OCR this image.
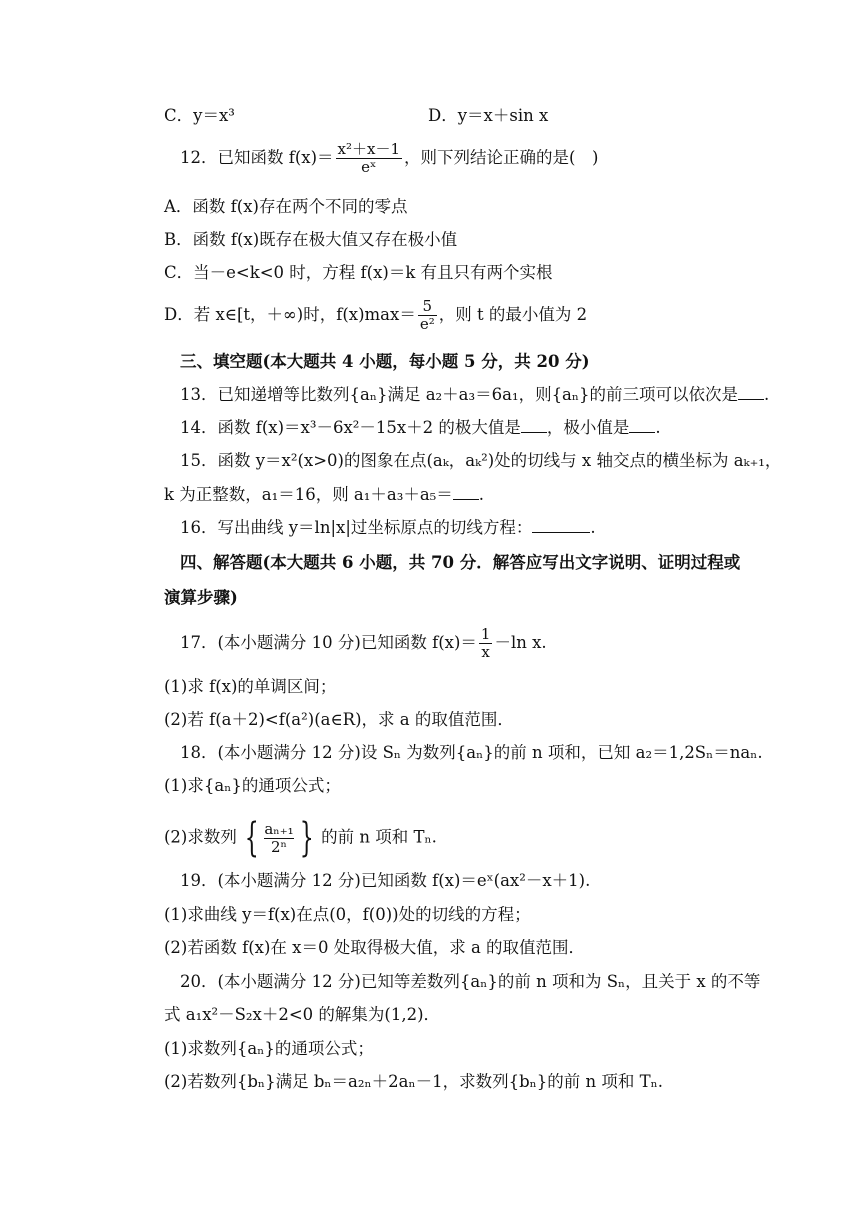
C．y＝x³	D．y＝x＋sin x
12．已知函数 $f(x)= \frac{\text{x²＋x－1}}{\text{eˣ}}$ ，则下列结论正确的是(　)
A．函数 f(x)存在两个不同的零点
B．函数 f(x)既存在极大值又存在极小值
C．当－e<k<0 时，方程 f(x)＝k 有且只有两个实根
D．若 x∈[t，＋∞)时，$f(x)\max= \frac{5}{\text{e²}}$ ，则 t 的最小值为 2
三、填空题(本大题共 4 小题，每小题 5 分，共 20 分)
13．已知递增等比数列{aₙ}满足 a₂＋a₃＝6a₁，则{aₙ}的前三项可以依次是 .
14．函数 f(x)＝x³－6x²－15x＋2 的极大值是 ，极小值是 .
15．函数 y＝x²(x>0)的图象在点(aₖ，aₖ²)处的切线与 x 轴交点的横坐标为 aₖ₊₁，
k 为正整数，a₁＝16，则 a₁＋a₃＋a₅＝ .
16．写出曲线 y＝ln|x|过坐标原点的切线方程：	.
四、解答题(本大题共 6 小题，共 70 分．解答应写出文字说明、证明过程或
演算步骤)
17．(本小题满分 10 分)已知函数 $f(x)= \frac{1}{x} -\ln$ x.
(1)求 f(x)的单调区间；
(2)若 f(a＋2)<f(a²)(a∈R)，求 a 的取值范围．
18．(本小题满分 12 分)设 Sₙ 为数列{aₙ}的前 n 项和，已知 a₂＝1,2Sₙ＝naₙ.
(1)求{aₙ}的通项公式；
(2)求数列 { $\frac{\text{aₙ₊₁}}{\text{2ⁿ}}$ } 的前 n 项和 Tₙ.
19．(本小题满分 12 分)已知函数 f(x)＝eˣ(ax²－x＋1).
(1)求曲线 y＝f(x)在点(0，f(0))处的切线的方程；
(2)若函数 f(x)在 x＝0 处取得极大值，求 a 的取值范围．
20．(本小题满分 12 分)已知等差数列{aₙ}的前 n 项和为 Sₙ，且关于 x 的不等
式 a₁x²－S₂x＋2<0 的解集为(1,2)．
(1)求数列{aₙ}的通项公式；
(2)若数列{bₙ}满足 bₙ＝a₂ₙ＋2aₙ－1，求数列{bₙ}的前 n 项和 Tₙ.
